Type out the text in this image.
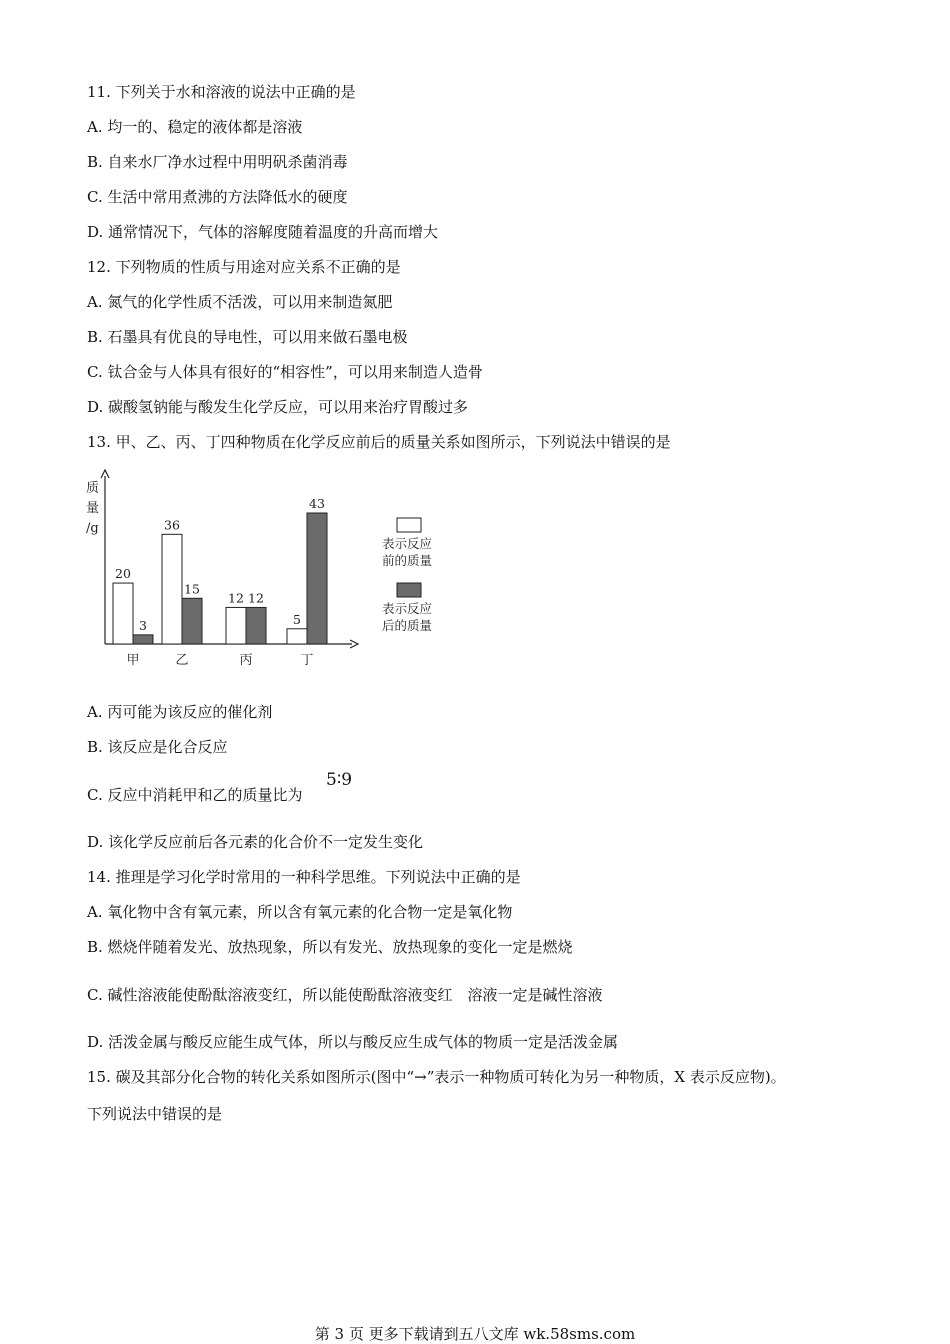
11. 下列关于水和溶液的说法中正确的是
A. 均一的、稳定的液体都是溶液
B. 自来水厂净水过程中用明矾杀菌消毒
C. 生活中常用煮沸的方法降低水的硬度
D. 通常情况下，气体的溶解度随着温度的升高而增大
12. 下列物质的性质与用途对应关系不正确的是
A. 氮气的化学性质不活泼，可以用来制造氮肥
B. 石墨具有优良的导电性，可以用来做石墨电极
C. 钛合金与人体具有很好的“相容性”，可以用来制造人造骨
D. 碳酸氢钠能与酸发生化学反应，可以用来治疗胃酸过多
13. 甲、乙、丙、丁四种物质在化学反应前后的质量关系如图所示，下列说法中错误的是
质
量
/g
20
3
甲
36
15
乙
12 12
丙
5
43
丁
表示反应
前的质量
表示反应
后的质量
A. 丙可能为该反应的催化剂
B. 该反应是化合反应
C. 反应中消耗甲和乙的质量比为
5∶9
D. 该化学反应前后各元素的化合价不一定发生变化
14. 推理是学习化学时常用的一种科学思维。下列说法中正确的是
A. 氧化物中含有氧元素，所以含有氧元素的化合物一定是氧化物
B. 燃烧伴随着发光、放热现象，所以有发光、放热现象的变化一定是燃烧
C. 碱性溶液能使酚酞溶液变红，所以能使酚酞溶液变红　溶液一定是碱性溶液
D. 活泼金属与酸反应能生成气体，所以与酸反应生成气体的物质一定是活泼金属
15. 碳及其部分化合物的转化关系如图所示(图中“→”表示一种物质可转化为另一种物质，X 表示反应物)。
下列说法中错误的是
第 3 页 更多下载请到五八文库 wk.58sms.com
